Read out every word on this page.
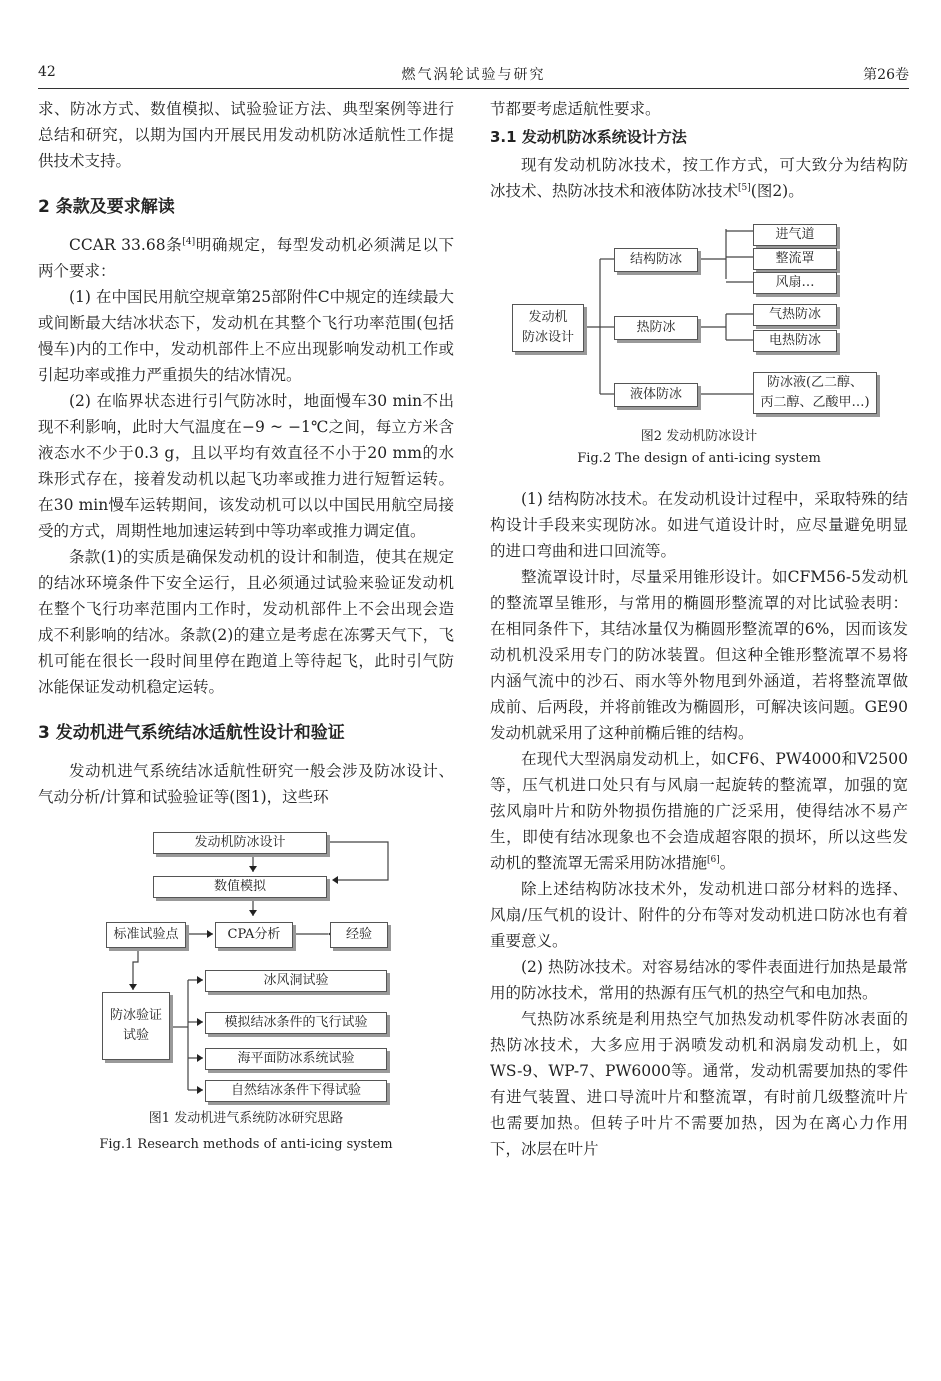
42	燃气涡轮试验与研究	第26卷

求、防冰方式、数值模拟、试验验证方法、典型案例等进行总结和研究，以期为国内开展民用发动机防冰适航性工作提供技术支持。

2 条款及要求解读

CCAR 33.68条[4]明确规定，每型发动机必须满足以下两个要求：

(1) 在中国民用航空规章第25部附件C中规定的连续最大或间断最大结冰状态下，发动机在其整个飞行功率范围(包括慢车)内的工作中，发动机部件上不应出现影响发动机工作或引起功率或推力严重损失的结冰情况。

(2) 在临界状态进行引气防冰时，地面慢车30 min不出现不利影响，此时大气温度在−9 ~ −1℃之间，每立方米含液态水不少于0.3 g，且以平均有效直径不小于20 mm的水珠形式存在，接着发动机以起飞功率或推力进行短暂运转。在30 min慢车运转期间，该发动机可以以中国民用航空局接受的方式，周期性地加速运转到中等功率或推力调定值。

条款(1)的实质是确保发动机的设计和制造，使其在规定的结冰环境条件下安全运行，且必须通过试验来验证发动机在整个飞行功率范围内工作时，发动机部件上不会出现会造成不利影响的结冰。条款(2)的建立是考虑在冻雾天气下，飞机可能在很长一段时间里停在跑道上等待起飞，此时引气防冰能保证发动机稳定运转。

3 发动机进气系统结冰适航性设计和验证

发动机进气系统结冰适航性研究一般会涉及防冰设计、气动分析/计算和试验验证等(图1)，这些环

发动机防冰设计
数值模拟
标准试验点	CPA分析	经验
防冰验证试验
冰风洞试验
模拟结冰条件的飞行试验
海平面防冰系统试验
自然结冰条件下得试验
图1 发动机进气系统防冰研究思路
Fig.1 Research methods of anti-icing system

节都要考虑适航性要求。

3.1 发动机防冰系统设计方法

现有发动机防冰技术，按工作方式，可大致分为结构防冰技术、热防冰技术和液体防冰技术[5](图2)。

发动机
防冰设计
结构防冰
热防冰
液体防冰
进气道
整流罩
风扇…
气热防冰
电热防冰
防冰液(乙二醇、
丙二醇、乙酸甲…)
图2 发动机防冰设计
Fig.2 The design of anti-icing system

(1) 结构防冰技术。在发动机设计过程中，采取特殊的结构设计手段来实现防冰。如进气道设计时，应尽量避免明显的进口弯曲和进口回流等。

整流罩设计时，尽量采用锥形设计。如CFM56-5发动机的整流罩呈锥形，与常用的椭圆形整流罩的对比试验表明：在相同条件下，其结冰量仅为椭圆形整流罩的6%，因而该发动机机没采用专门的防冰装置。但这种全锥形整流罩不易将内涵气流中的沙石、雨水等外物甩到外涵道，若将整流罩做成前、后两段，并将前锥改为椭圆形，可解决该问题。GE90发动机就采用了这种前椭后锥的结构。

在现代大型涡扇发动机上，如CF6、PW4000和V2500等，压气机进口处只有与风扇一起旋转的整流罩，加强的宽弦风扇叶片和防外物损伤措施的广泛采用，使得结冰不易产生，即使有结冰现象也不会造成超容限的损坏，所以这些发动机的整流罩无需采用防冰措施[6]。

除上述结构防冰技术外，发动机进口部分材料的选择、风扇/压气机的设计、附件的分布等对发动机进口防冰也有着重要意义。

(2) 热防冰技术。对容易结冰的零件表面进行加热是最常用的防冰技术，常用的热源有压气机的热空气和电加热。

气热防冰系统是利用热空气加热发动机零件防冰表面的热防冰技术，大多应用于涡喷发动机和涡扇发动机上，如WS-9、WP-7、PW6000等。通常，发动机需要加热的零件有进气装置、进口导流叶片和整流罩，有时前几级整流叶片也需要加热。但转子叶片不需要加热，因为在离心力作用下，冰层在叶片
